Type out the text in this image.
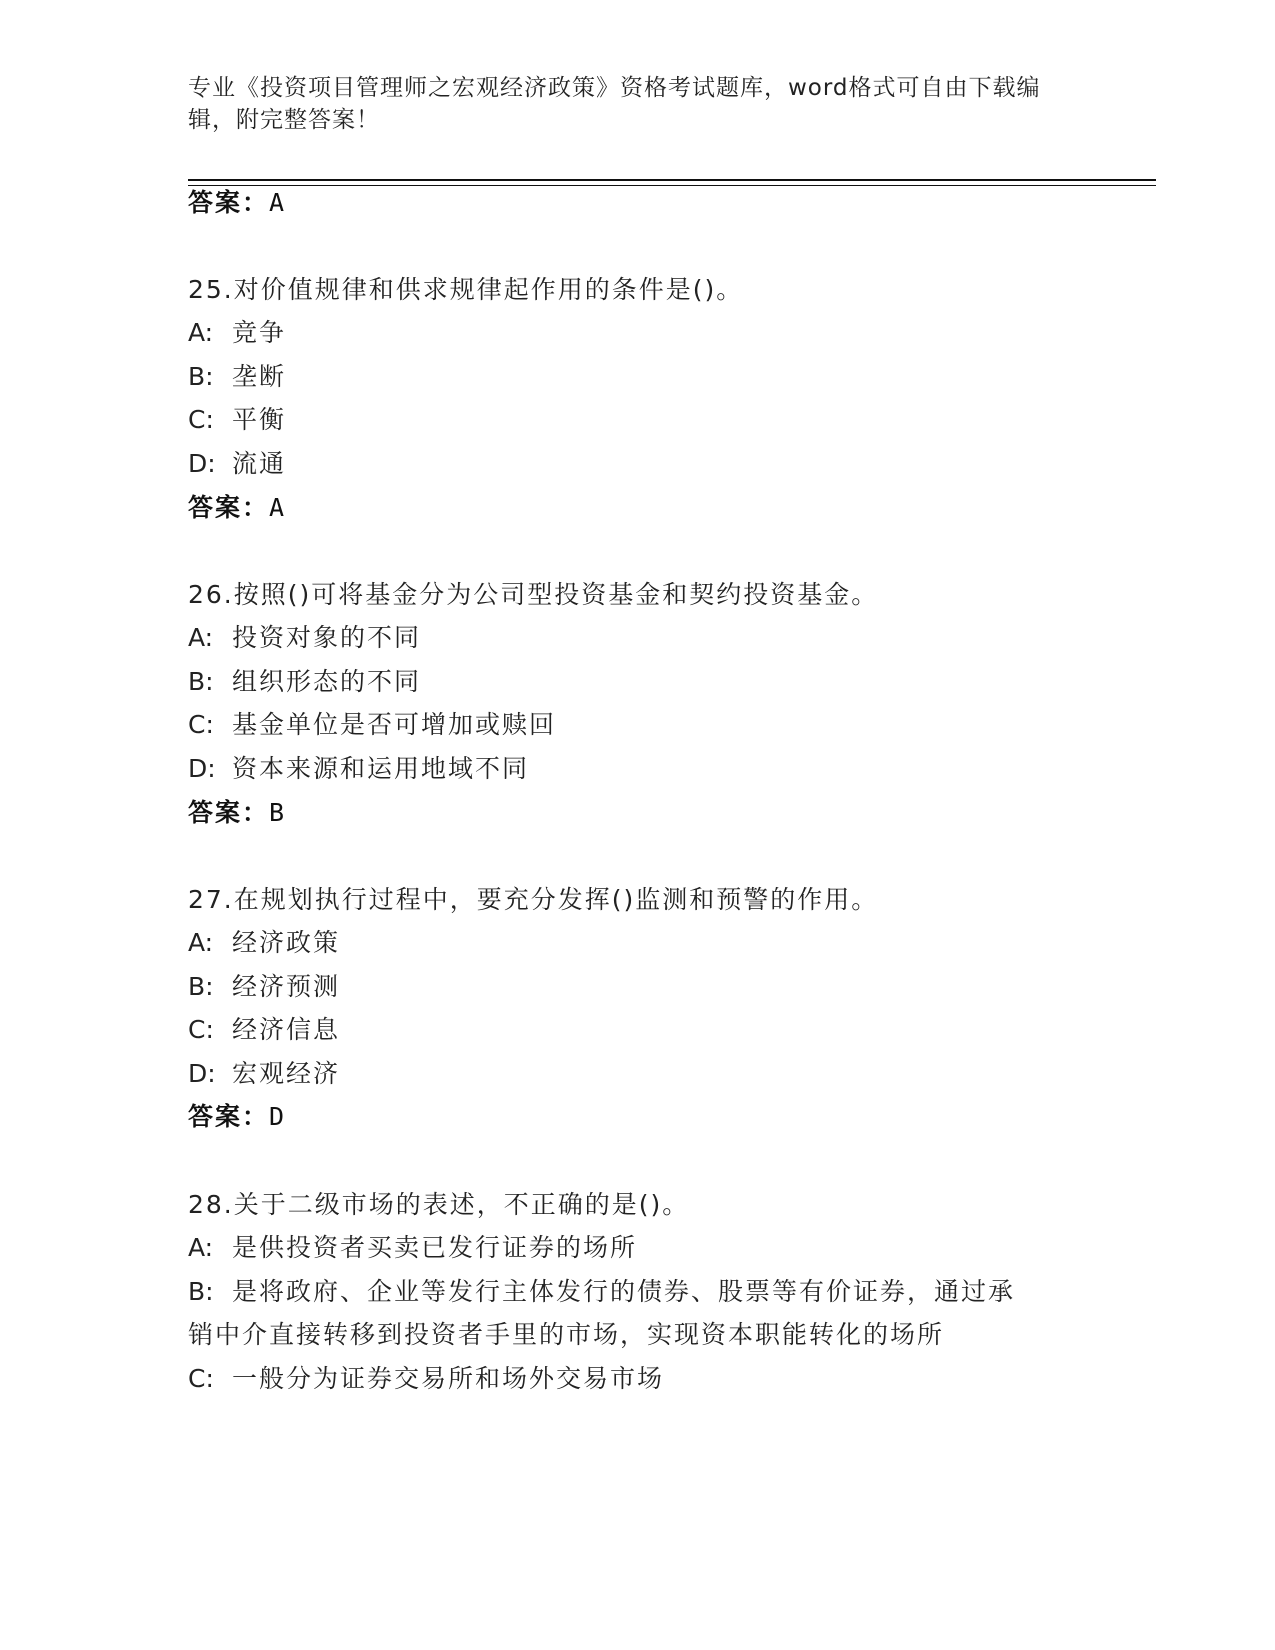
专业《投资项目管理师之宏观经济政策》资格考试题库，word格式可自由下载编
辑，附完整答案！
答案：A
25.对价值规律和供求规律起作用的条件是()。
A: 竞争
B: 垄断
C: 平衡
D: 流通
答案：A
26.按照()可将基金分为公司型投资基金和契约投资基金。
A: 投资对象的不同
B: 组织形态的不同
C: 基金单位是否可增加或赎回
D: 资本来源和运用地域不同
答案：B
27.在规划执行过程中，要充分发挥()监测和预警的作用。
A: 经济政策
B: 经济预测
C: 经济信息
D: 宏观经济
答案：D
28.关于二级市场的表述，不正确的是()。
A: 是供投资者买卖已发行证券的场所
B: 是将政府、企业等发行主体发行的债券、股票等有价证券，通过承
销中介直接转移到投资者手里的市场，实现资本职能转化的场所
C: 一般分为证券交易所和场外交易市场
